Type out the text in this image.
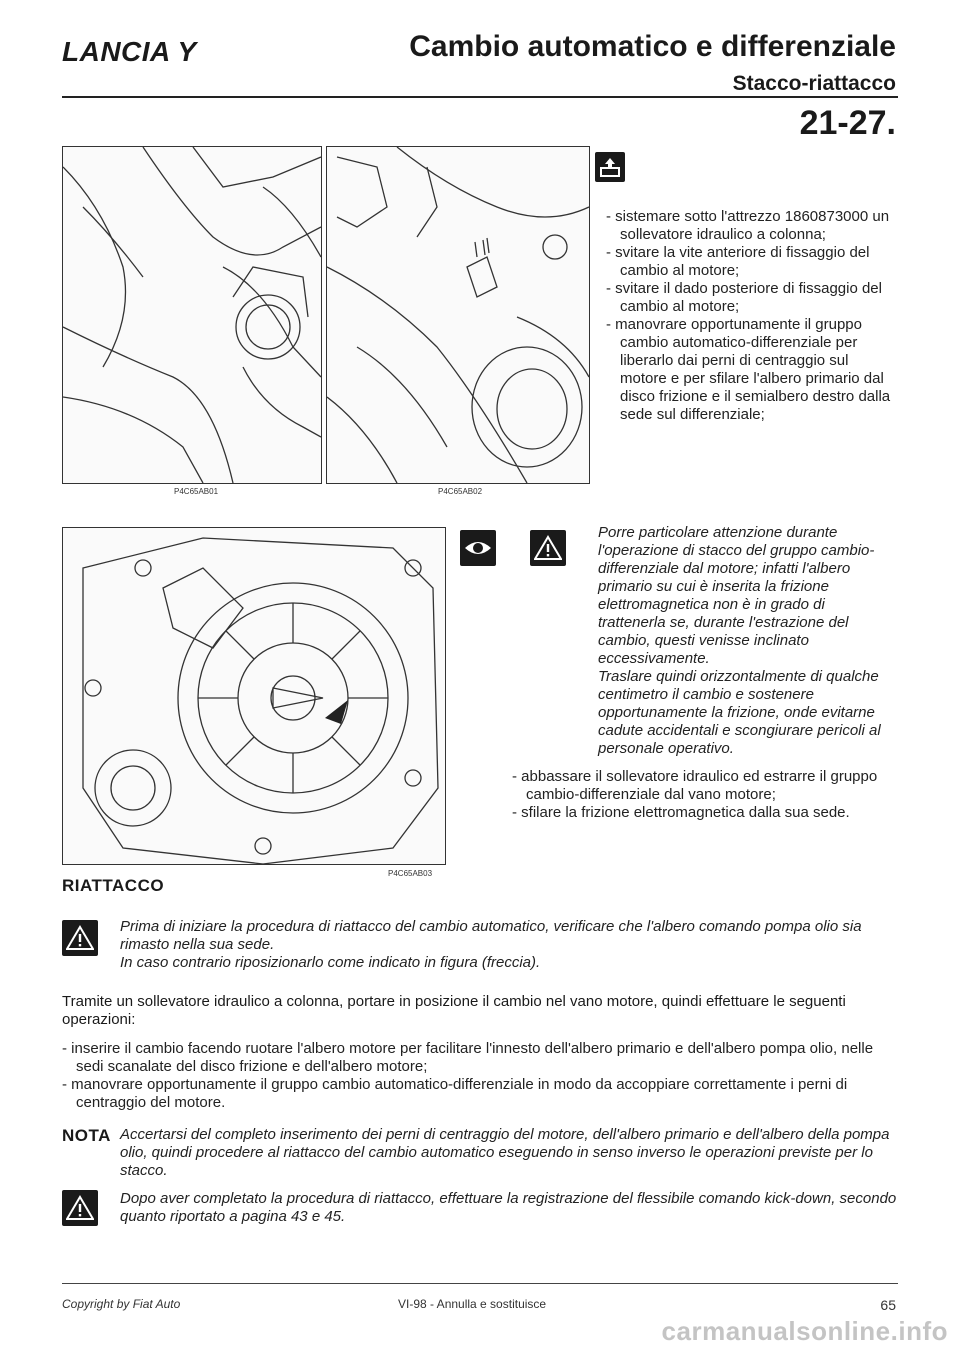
LANCIA Y	Cambio automatico e differenziale
Stacco-riattacco
21-27.
P4C65AB01	P4C65AB02
- sistemare sotto l'attrezzo 1860873000 un sollevatore idraulico a colonna;
- svitare la vite anteriore di fissaggio del cambio al motore;
- svitare il dado posteriore di fissaggio del cambio al motore;
- manovrare opportunamente il gruppo cambio automatico-differenziale per liberarlo dai perni di centraggio sul motore e per sfilare l'albero primario dal disco frizione e il semialbero destro dalla sede sul differenziale;
P4C65AB03
Porre particolare attenzione durante l'operazione di stacco del gruppo cambio-differenziale dal motore; infatti l'albero primario su cui è inserita la frizione elettromagnetica non è in grado di trattenerla se, durante l'estrazione del cambio, questi venisse inclinato eccessivamente.
Traslare quindi orizzontalmente di qualche centimetro il cambio e sostenere opportunamente la frizione, onde evitarne cadute accidentali e scongiurare pericoli al personale operativo.
- abbassare il sollevatore idraulico ed estrarre il gruppo cambio-differenziale dal vano motore;
- sfilare la frizione elettromagnetica dalla sua sede.
RIATTACCO
Prima di iniziare la procedura di riattacco del cambio automatico, verificare che l'albero comando pompa olio sia rimasto nella sua sede.
In caso contrario riposizionarlo come indicato in figura (freccia).
Tramite un sollevatore idraulico a colonna, portare in posizione il cambio nel vano motore, quindi effettuare le seguenti operazioni:
- inserire il cambio facendo ruotare l'albero motore per facilitare l'innesto dell'albero primario e dell'albero pompa olio, nelle sedi scanalate del disco frizione e dell'albero motore;
- manovrare opportunamente il gruppo cambio automatico-differenziale in modo da accoppiare correttamente i perni di centraggio del motore.
NOTA Accertarsi del completo inserimento dei perni di centraggio del motore, dell'albero primario e dell'albero della pompa olio, quindi procedere al riattacco del cambio automatico eseguendo in senso inverso le operazioni previste per lo stacco.
Dopo aver completato la procedura di riattacco, effettuare la registrazione del flessibile comando kick-down, secondo quanto riportato a pagina 43 e 45.
Copyright by Fiat Auto	VI-98 - Annulla e sostituisce	65
carmanualsonline.info
